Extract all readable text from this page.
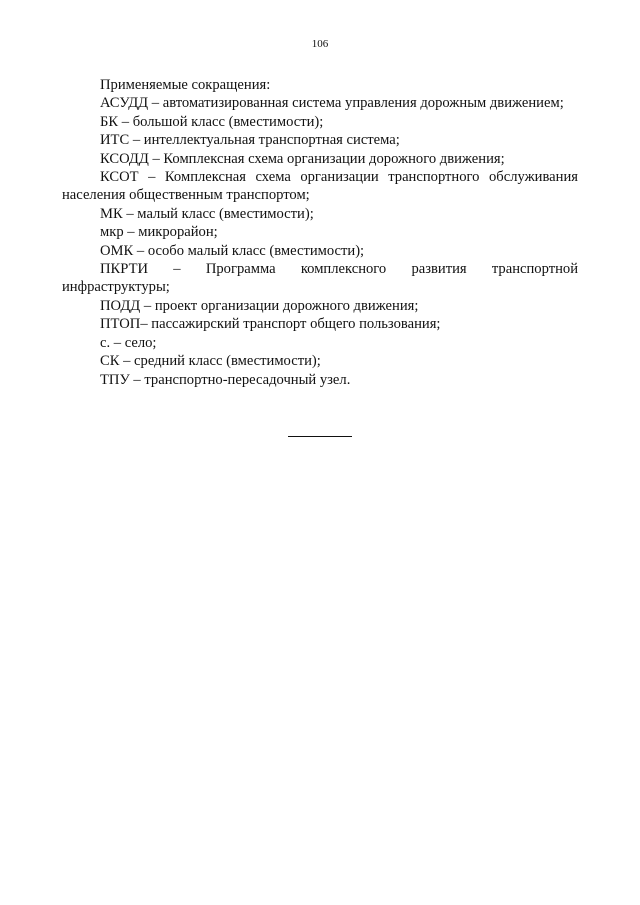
106
Применяемые сокращения:
АСУДД – автоматизированная система управления дорожным движением;
БК – большой класс (вместимости);
ИТС – интеллектуальная транспортная система;
КСОДД – Комплексная схема организации дорожного движения;
КСОТ – Комплексная схема организации транспортного обслуживания населения общественным транспортом;
МК – малый класс (вместимости);
мкр – микрорайон;
ОМК – особо малый класс (вместимости);
ПКРТИ – Программа комплексного развития транспортной
инфраструктуры;
ПОДД – проект организации дорожного движения;
ПТОП– пассажирский транспорт общего пользования;
с. – село;
СК – средний класс (вместимости);
ТПУ – транспортно-пересадочный узел.
